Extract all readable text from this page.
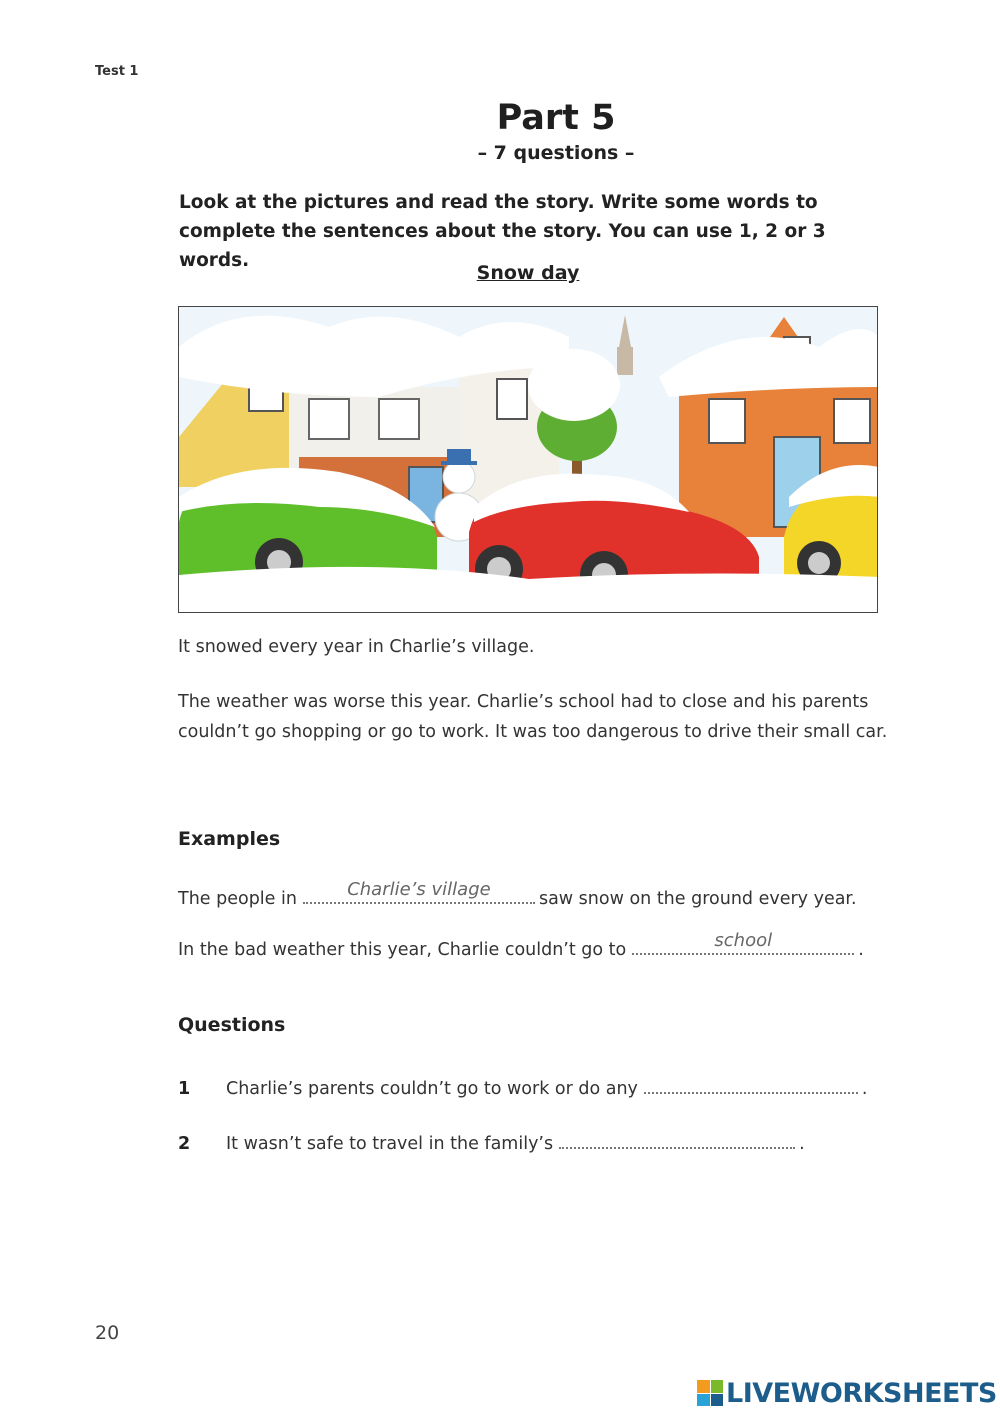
Test 1
Part 5
– 7 questions –
Look at the pictures and read the story. Write some words to complete the sentences about the story. You can use 1, 2 or 3 words.
Snow day
It snowed every year in Charlie’s village.
The weather was worse this year. Charlie’s school had to close and his parents couldn’t go shopping or go to work. It was too dangerous to drive their small car.
Examples
The people in	Charlie’s village	saw snow on the ground every year.
In the bad weather this year, Charlie couldn’t go to	school	.
Questions
1 Charlie’s parents couldn’t go to work or do any	.
2 It wasn’t safe to travel in the family’s	.
20
LIVEWORKSHEETS
